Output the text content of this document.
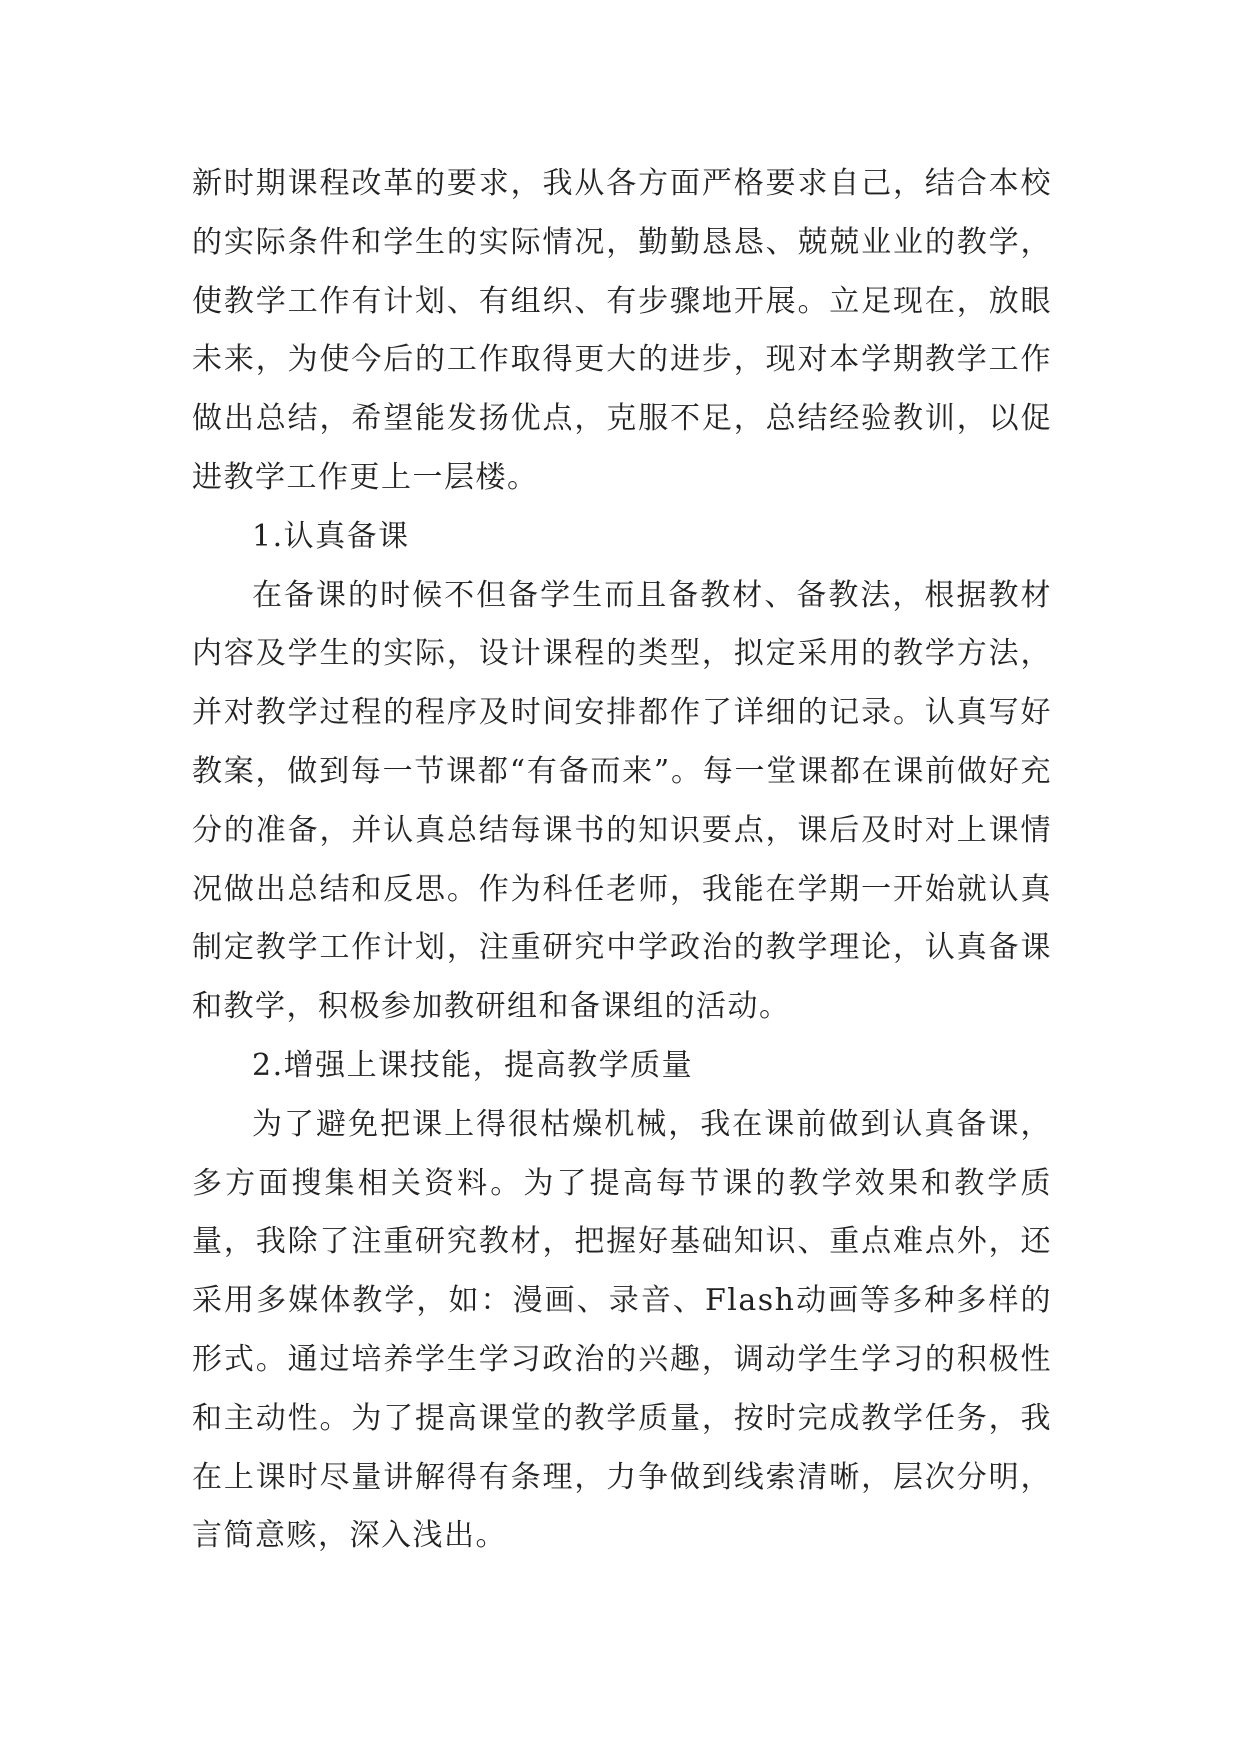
新时期课程改革的要求，我从各方面严格要求自己，结合本校的实际条件和学生的实际情况，勤勤恳恳、兢兢业业的教学，使教学工作有计划、有组织、有步骤地开展。立足现在，放眼未来，为使今后的工作取得更大的进步，现对本学期教学工作做出总结，希望能发扬优点，克服不足，总结经验教训，以促进教学工作更上一层楼。

1.认真备课

在备课的时候不但备学生而且备教材、备教法，根据教材内容及学生的实际，设计课程的类型，拟定采用的教学方法，并对教学过程的程序及时间安排都作了详细的记录。认真写好教案，做到每一节课都“有备而来”。每一堂课都在课前做好充分的准备，并认真总结每课书的知识要点，课后及时对上课情况做出总结和反思。作为科任老师，我能在学期一开始就认真制定教学工作计划，注重研究中学政治的教学理论，认真备课和教学，积极参加教研组和备课组的活动。

2.增强上课技能，提高教学质量

为了避免把课上得很枯燥机械，我在课前做到认真备课，多方面搜集相关资料。为了提高每节课的教学效果和教学质量，我除了注重研究教材，把握好基础知识、重点难点外，还采用多媒体教学，如：漫画、录音、Flash动画等多种多样的形式。通过培养学生学习政治的兴趣，调动学生学习的积极性和主动性。为了提高课堂的教学质量，按时完成教学任务，我在上课时尽量讲解得有条理，力争做到线索清晰，层次分明，言简意赅，深入浅出。
